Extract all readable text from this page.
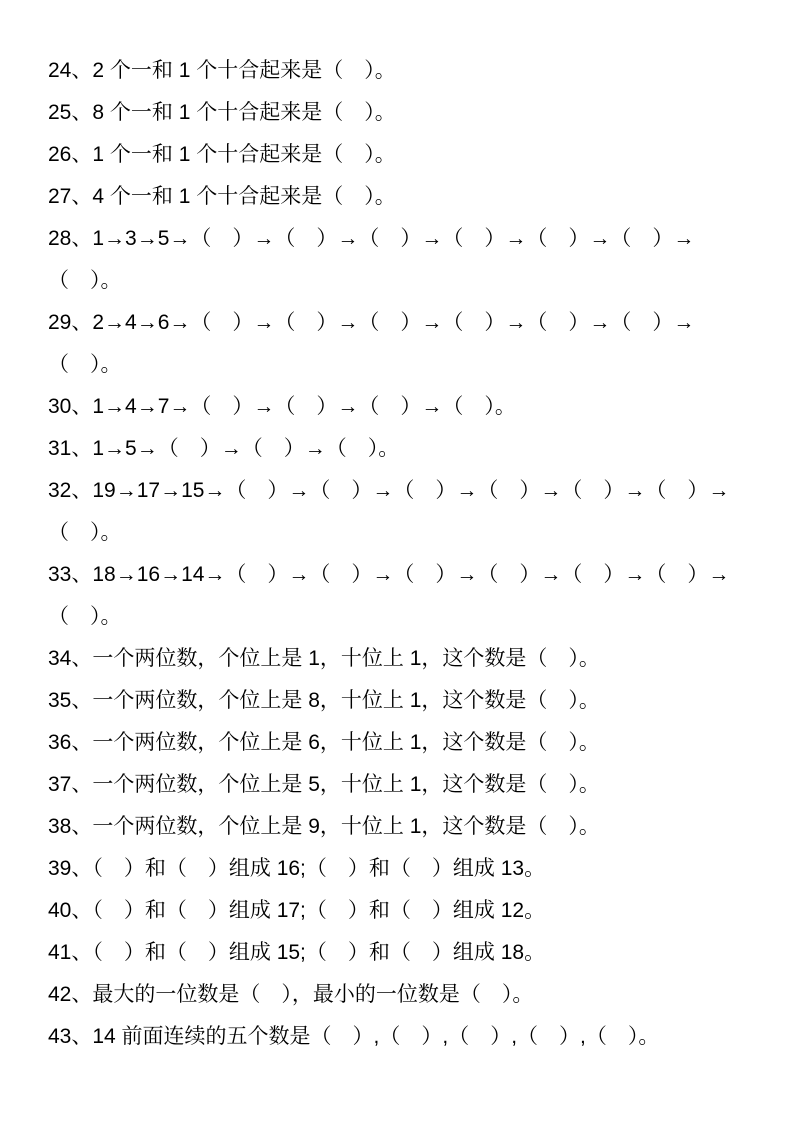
24、2 个一和 1 个十合起来是（　）。

25、8 个一和 1 个十合起来是（　）。

26、1 个一和 1 个十合起来是（　）。

27、4 个一和 1 个十合起来是（　）。

28、1→3→5→（　）→（　）→（　）→（　）→（　）→（　）→（　）。

29、2→4→6→（　）→（　）→（　）→（　）→（　）→（　）→（　）。

30、1→4→7→（　）→（　）→（　）→（　）。

31、1→5→（　）→（　）→（　）。

32、19→17→15→（　）→（　）→（　）→（　）→（　）→（　）→（　）。

33、18→16→14→（　）→（　）→（　）→（　）→（　）→（　）→（　）。

34、一个两位数，个位上是 1，十位上 1，这个数是（　）。

35、一个两位数，个位上是 8，十位上 1，这个数是（　）。

36、一个两位数，个位上是 6，十位上 1，这个数是（　）。

37、一个两位数，个位上是 5，十位上 1，这个数是（　）。

38、一个两位数，个位上是 9，十位上 1，这个数是（　）。

39、（　）和（　）组成 16;（　）和（　）组成 13。

40、（　）和（　）组成 17;（　）和（　）组成 12。

41、（　）和（　）组成 15;（　）和（　）组成 18。

42、最大的一位数是（　），最小的一位数是（　）。

43、14 前面连续的五个数是（　）,（　）,（　）,（　）,（　）。
